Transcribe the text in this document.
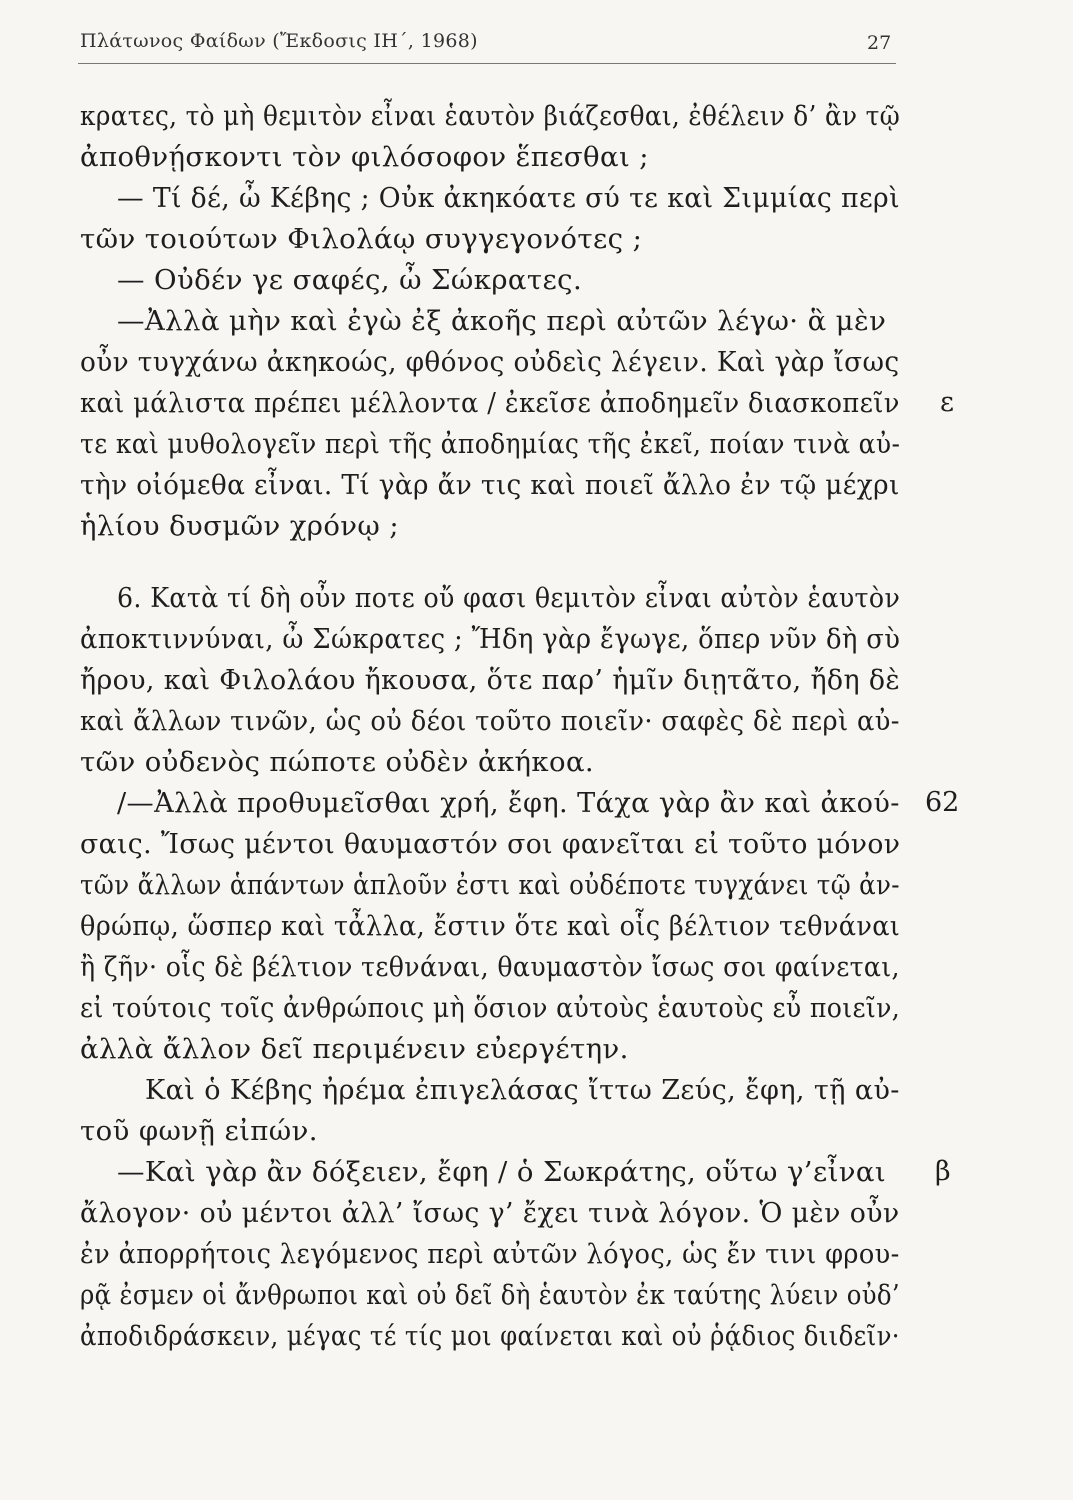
Πλάτωνος Φαίδων (Ἔκδοσις ΙΗ΄, 1968)	27
κρατες, τὸ μὴ θεμιτὸν εἶναι ἑαυτὸν βιάζεσθαι, ἐθέλειν δ’ ἂν τῷ
ἀποθνῄσκοντι τὸν φιλόσοφον ἕπεσθαι ;
— Τί δέ, ὦ Κέβης ; Οὐκ ἀκηκόατε σύ τε καὶ Σιμμίας περὶ
τῶν τοιούτων Φιλολάῳ συγγεγονότες ;
— Οὐδέν γε σαφές, ὦ Σώκρατες.
—Ἀλλὰ μὴν καὶ ἐγὼ ἐξ ἀκοῆς περὶ αὐτῶν λέγω· ἃ μὲν
οὖν τυγχάνω ἀκηκοώς, φθόνος οὐδεὶς λέγειν. Καὶ γὰρ ἴσως
καὶ μάλιστα πρέπει μέλλοντα / ἐκεῖσε ἀποδημεῖν διασκοπεῖν
τε καὶ μυθολογεῖν περὶ τῆς ἀποδημίας τῆς ἐκεῖ, ποίαν τινὰ αὐ-
τὴν οἰόμεθα εἶναι. Τί γὰρ ἄν τις καὶ ποιεῖ ἄλλο ἐν τῷ μέχρι
ἡλίου δυσμῶν χρόνῳ ;
6. Κατὰ τί δὴ οὖν ποτε οὔ φασι θεμιτὸν εἶναι αὐτὸν ἑαυτὸν
ἀποκτιννύναι, ὦ Σώκρατες ; Ἤδη γὰρ ἔγωγε, ὅπερ νῦν δὴ σὺ
ἤρου, καὶ Φιλολάου ἤκουσα, ὅτε παρ’ ἡμῖν διῃτᾶτο, ἤδη δὲ
καὶ ἄλλων τινῶν, ὡς οὐ δέοι τοῦτο ποιεῖν· σαφὲς δὲ περὶ αὐ-
τῶν οὐδενὸς πώποτε οὐδὲν ἀκήκοα.
/—Ἀλλὰ προθυμεῖσθαι χρή, ἔφη. Τάχα γὰρ ἂν καὶ ἀκού-
σαις. Ἴσως μέντοι θαυμαστόν σοι φανεῖται εἰ τοῦτο μόνον
τῶν ἄλλων ἁπάντων ἁπλοῦν ἐστι καὶ οὐδέποτε τυγχάνει τῷ ἀν-
θρώπῳ, ὥσπερ καὶ τἆλλα, ἔστιν ὅτε καὶ οἷς βέλτιον τεθνάναι
ἢ ζῆν· οἷς δὲ βέλτιον τεθνάναι, θαυμαστὸν ἴσως σοι φαίνεται,
εἰ τούτοις τοῖς ἀνθρώποις μὴ ὅσιον αὐτοὺς ἑαυτοὺς εὖ ποιεῖν,
ἀλλὰ ἄλλον δεῖ περιμένειν εὐεργέτην.
Καὶ ὁ Κέβης ἠρέμα ἐπιγελάσας ἴττω Ζεύς, ἔφη, τῇ αὐ-
τοῦ φωνῇ εἰπών.
—Καὶ γὰρ ἂν δόξειεν, ἔφη / ὁ Σωκράτης, οὕτω γ’εἶναι
ἄλογον· οὐ μέντοι ἀλλ’ ἴσως γ’ ἔχει τινὰ λόγον. Ὁ μὲν οὖν
ἐν ἀπορρήτοις λεγόμενος περὶ αὐτῶν λόγος, ὡς ἔν τινι φρου-
ρᾷ ἐσμεν οἱ ἄνθρωποι καὶ οὐ δεῖ δὴ ἑαυτὸν ἐκ ταύτης λύειν οὐδ’
ἀποδιδράσκειν, μέγας τέ τίς μοι φαίνεται καὶ οὐ ῥᾴδιος διιδεῖν·
ε
62
β
